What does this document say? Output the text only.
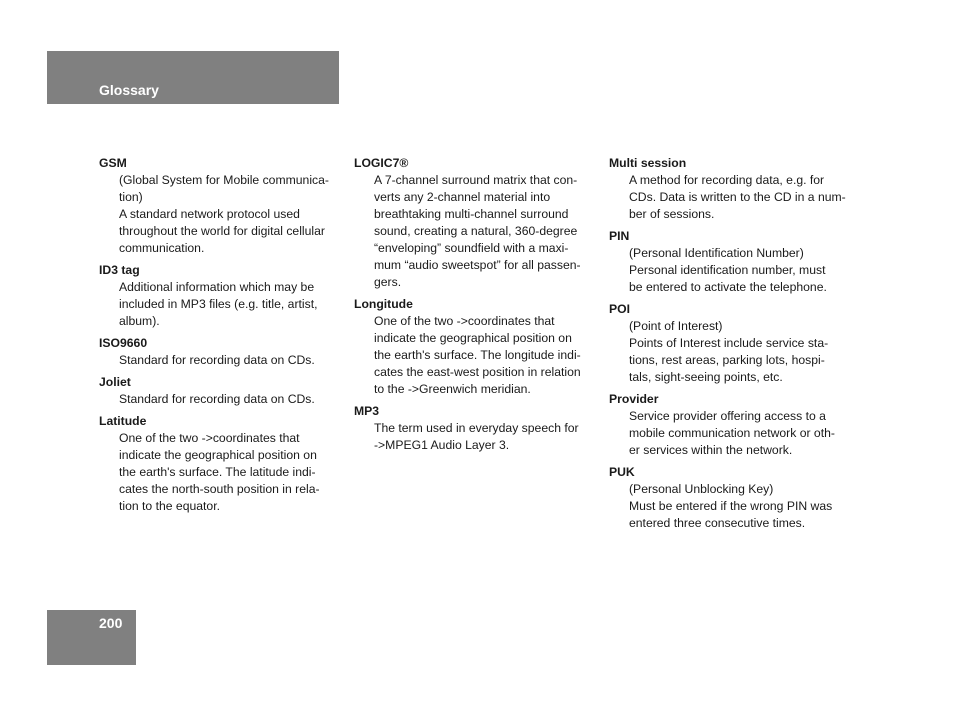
Glossary
GSM
(Global System for Mobile communica-
tion)
A standard network protocol used
throughout the world for digital cellular
communication.
ID3 tag
Additional information which may be
included in MP3 files (e.g. title, artist,
album).
ISO9660
Standard for recording data on CDs.
Joliet
Standard for recording data on CDs.
Latitude
One of the two ->coordinates that
indicate the geographical position on
the earth's surface. The latitude indi-
cates the north-south position in rela-
tion to the equator.
LOGIC7®
A 7-channel surround matrix that con-
verts any 2-channel material into
breathtaking multi-channel surround
sound, creating a natural, 360-degree
“enveloping” soundfield with a maxi-
mum “audio sweetspot” for all passen-
gers.
Longitude
One of the two ->coordinates that
indicate the geographical position on
the earth's surface. The longitude indi-
cates the east-west position in relation
to the ->Greenwich meridian.
MP3
The term used in everyday speech for
->MPEG1 Audio Layer 3.
Multi session
A method for recording data, e.g. for
CDs. Data is written to the CD in a num-
ber of sessions.
PIN
(Personal Identification Number)
Personal identification number, must
be entered to activate the telephone.
POI
(Point of Interest)
Points of Interest include service sta-
tions, rest areas, parking lots, hospi-
tals, sight-seeing points, etc.
Provider
Service provider offering access to a
mobile communication network or oth-
er services within the network.
PUK
(Personal Unblocking Key)
Must be entered if the wrong PIN was
entered three consecutive times.
200
